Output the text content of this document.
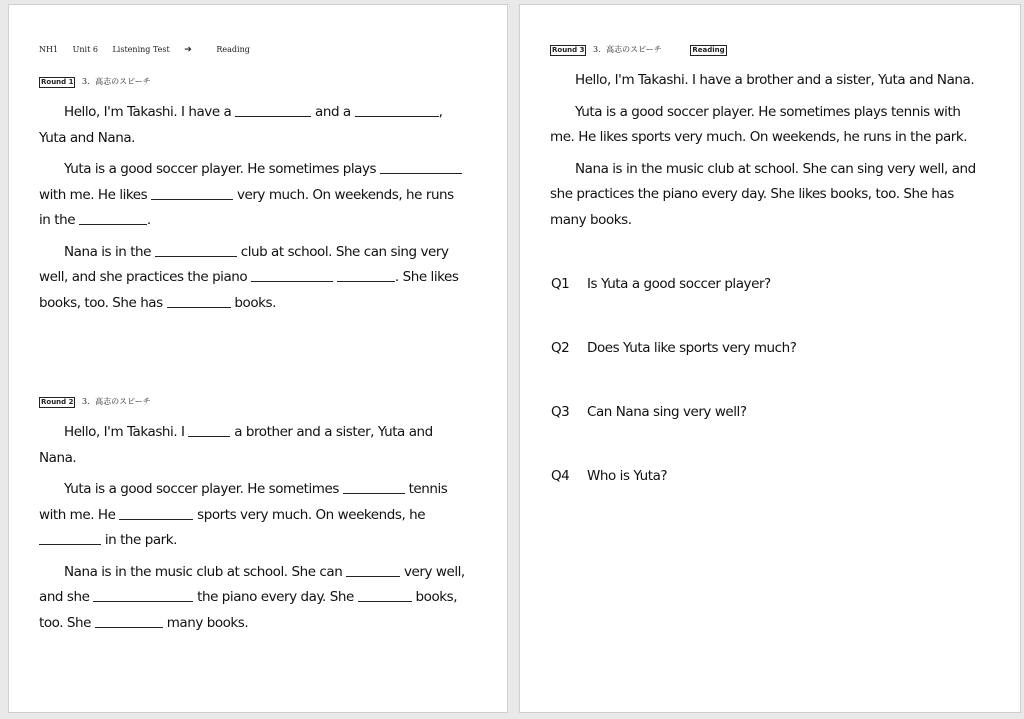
NH1 Unit 6 Listening Test ➔	Reading
Round 1 3．高志のスピーチ
Hello, I'm Takashi. I have a	and a	,
Yuta and Nana.
Yuta is a good soccer player. He sometimes plays
with me. He likes	very much. On weekends, he runs
in the	.
Nana is in the	club at school. She can sing very
well, and she practices the piano	. She likes
books, too. She has	books.
Round 2 3．高志のスピーチ
Hello, I'm Takashi. I	a brother and a sister, Yuta and
Nana.
Yuta is a good soccer player. He sometimes	tennis
with me. He	sports very much. On weekends, he
in the park.
Nana is in the music club at school. She can	very well,
and she	the piano every day. She	books,
too. She	many books.
Round 3 3．高志のスピーチ	Reading
Hello, I'm Takashi. I have a brother and a sister, Yuta and Nana.
Yuta is a good soccer player. He sometimes plays tennis with
me. He likes sports very much. On weekends, he runs in the park.
Nana is in the music club at school. She can sing very well, and
she practices the piano every day. She likes books, too. She has
many books.
Q1 Is Yuta a good soccer player?
Q2 Does Yuta like sports very much?
Q3 Can Nana sing very well?
Q4 Who is Yuta?
